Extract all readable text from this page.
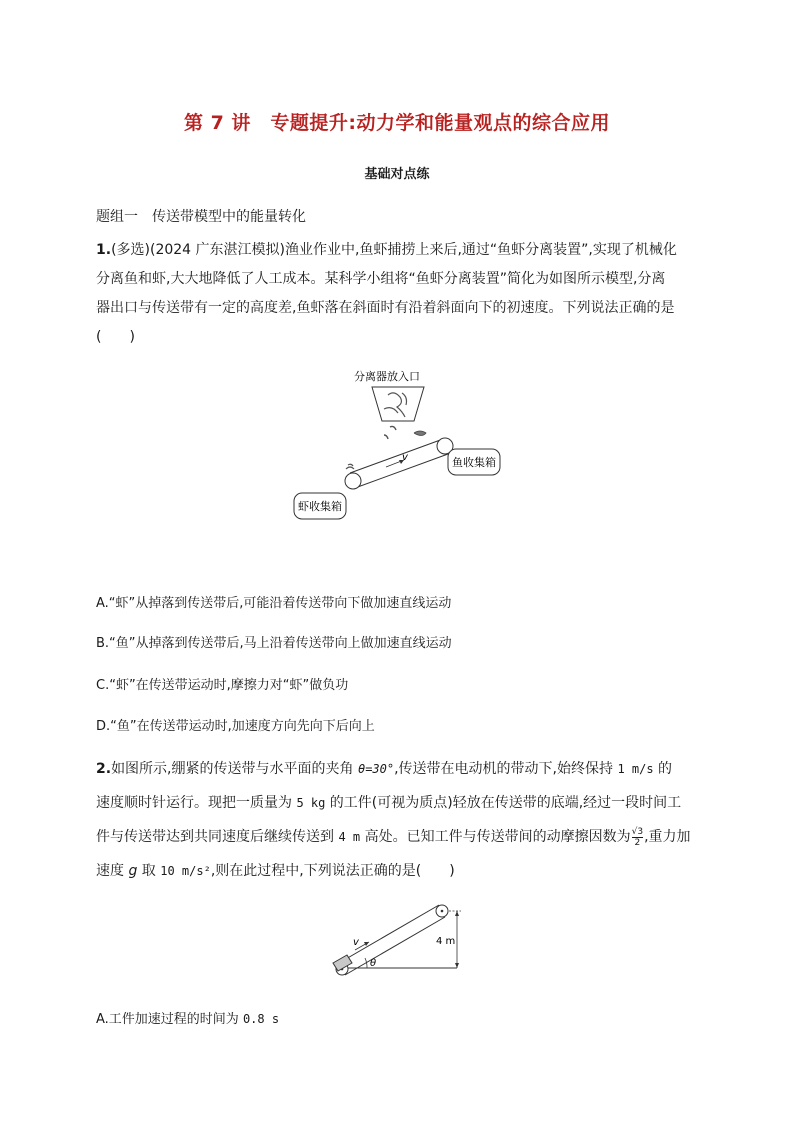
第 7 讲　专题提升:动力学和能量观点的综合应用
基础对点练
题组一　传送带模型中的能量转化
1.(多选)(2024 广东湛江模拟)渔业作业中,鱼虾捕捞上来后,通过“鱼虾分离装置”,实现了机械化
分离鱼和虾,大大地降低了人工成本。某科学小组将“鱼虾分离装置”简化为如图所示模型,分离
器出口与传送带有一定的高度差,鱼虾落在斜面时有沿着斜面向下的初速度。下列说法正确的是
(　　)
分离器放入口
v	鱼收集箱
虾收集箱
A.“虾”从掉落到传送带后,可能沿着传送带向下做加速直线运动
B.“鱼”从掉落到传送带后,马上沿着传送带向上做加速直线运动
C.“虾”在传送带运动时,摩擦力对“虾”做负功
D.“鱼”在传送带运动时,加速度方向先向下后向上
2.如图所示,绷紧的传送带与水平面的夹角 θ=30°,传送带在电动机的带动下,始终保持 1 m/s 的
速度顺时针运行。现把一质量为 5 kg 的工件(可视为质点)轻放在传送带的底端,经过一段时间工
件与传送带达到共同速度后继续传送到 4 m 高处。已知工件与传送带间的动摩擦因数为 $\frac{√3}{2}$ ,重力加
速度 g 取 10 m/s²,则在此过程中,下列说法正确的是(　　)
v
θ
4 m
A.工件加速过程的时间为 0.8 s
